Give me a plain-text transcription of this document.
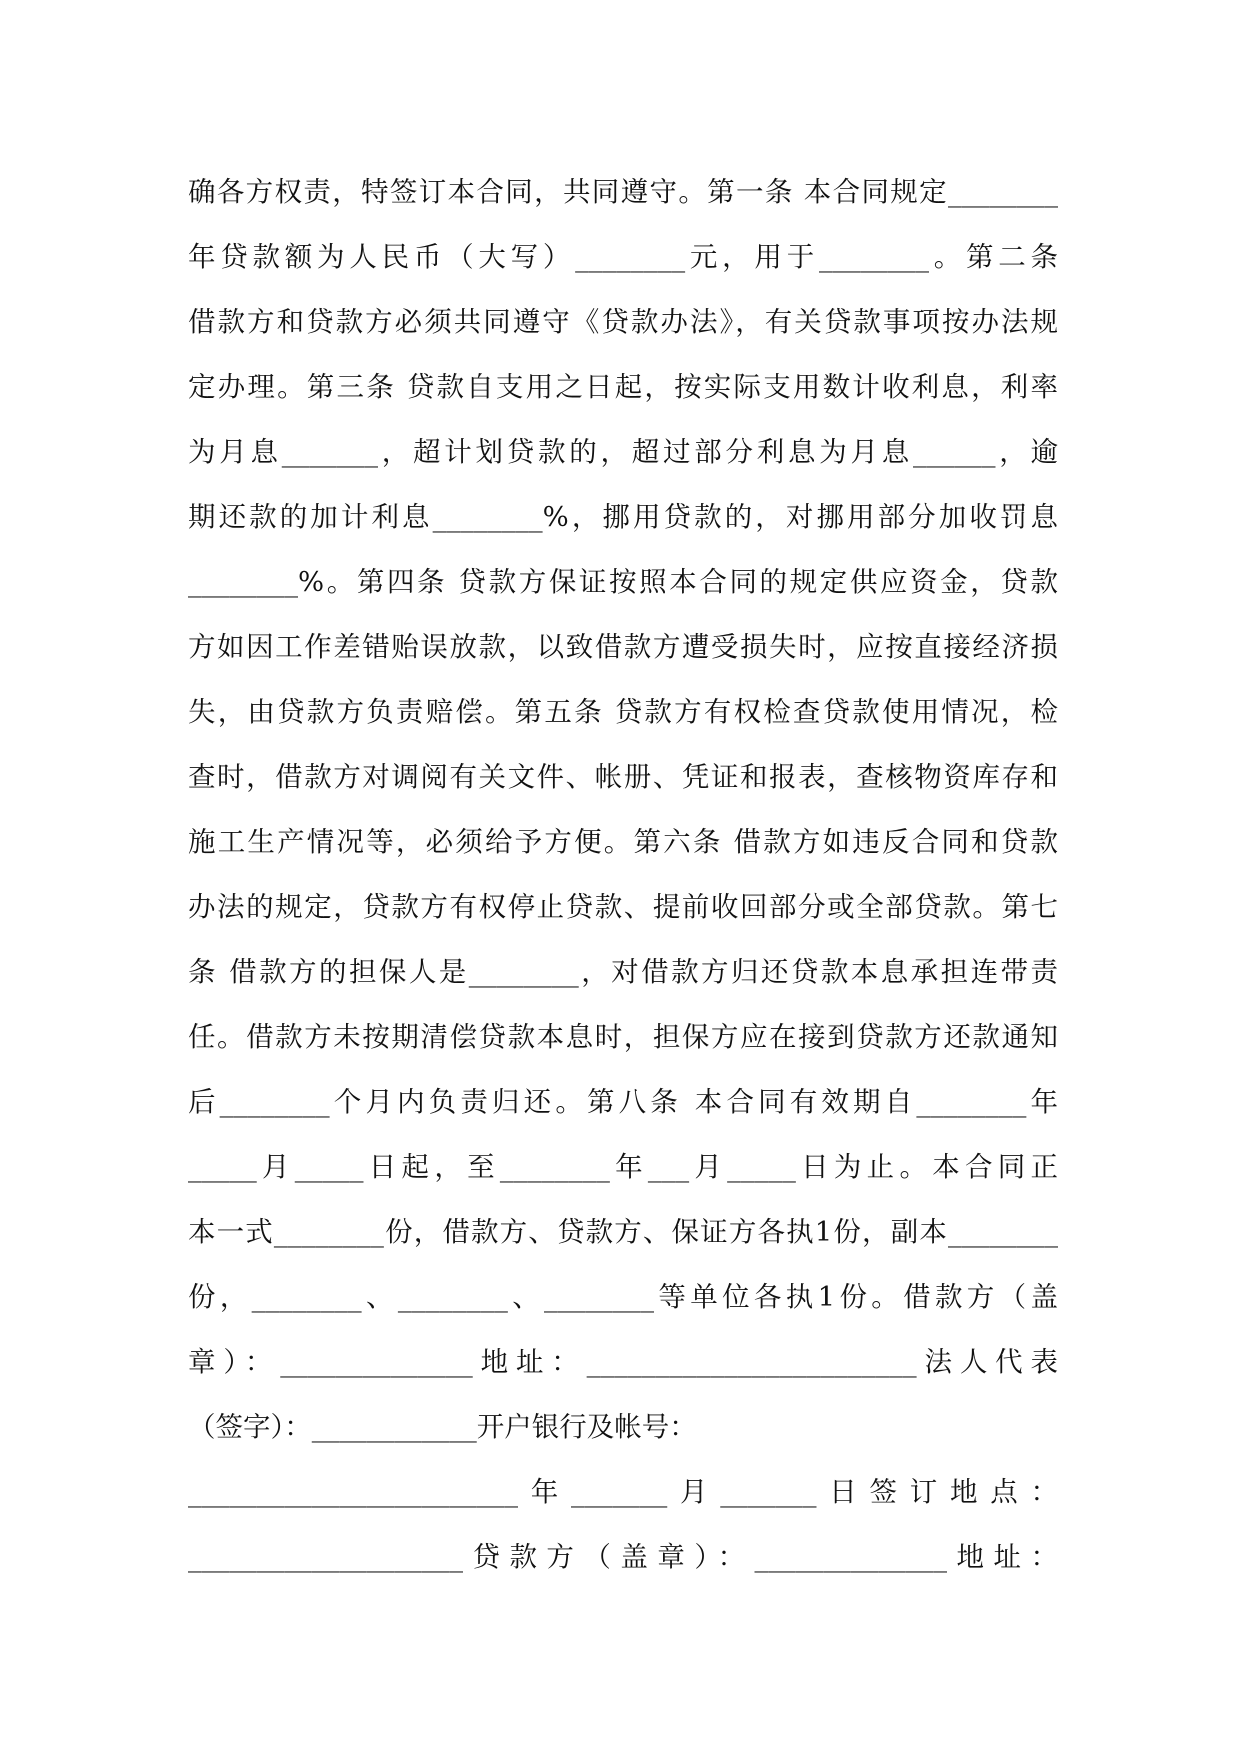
确各方权责，特签订本合同，共同遵守。第一条 本合同规定________
年贷款额为人民币（大写）________元，用于________。第二条
借款方和贷款方必须共同遵守《贷款办法》，有关贷款事项按办法规
定办理。第三条 贷款自支用之日起，按实际支用数计收利息，利率
为月息_______，超计划贷款的，超过部分利息为月息______，逾
期还款的加计利息________%，挪用贷款的，对挪用部分加收罚息
________%。第四条 贷款方保证按照本合同的规定供应资金，贷款
方如因工作差错贻误放款，以致借款方遭受损失时，应按直接经济损
失，由贷款方负责赔偿。第五条 贷款方有权检查贷款使用情况，检
查时，借款方对调阅有关文件、帐册、凭证和报表，查核物资库存和
施工生产情况等，必须给予方便。第六条 借款方如违反合同和贷款
办法的规定，贷款方有权停止贷款、提前收回部分或全部贷款。第七
条 借款方的担保人是________，对借款方归还贷款本息承担连带责
任。借款方未按期清偿贷款本息时，担保方应在接到贷款方还款通知
后________个月内负责归还。第八条 本合同有效期自________年
_____月_____日起，至________年___月_____日为止。本合同正
本一式________份，借款方、贷款方、保证方各执1份，副本________
份，________、________、________等单位各执1份。借款方（盖
章）：______________地址：________________________法人代表
（签字）：____________开户银行及帐号：
________________________年_______月_______日签订地点：
____________________贷款方（盖章）：______________地址：
